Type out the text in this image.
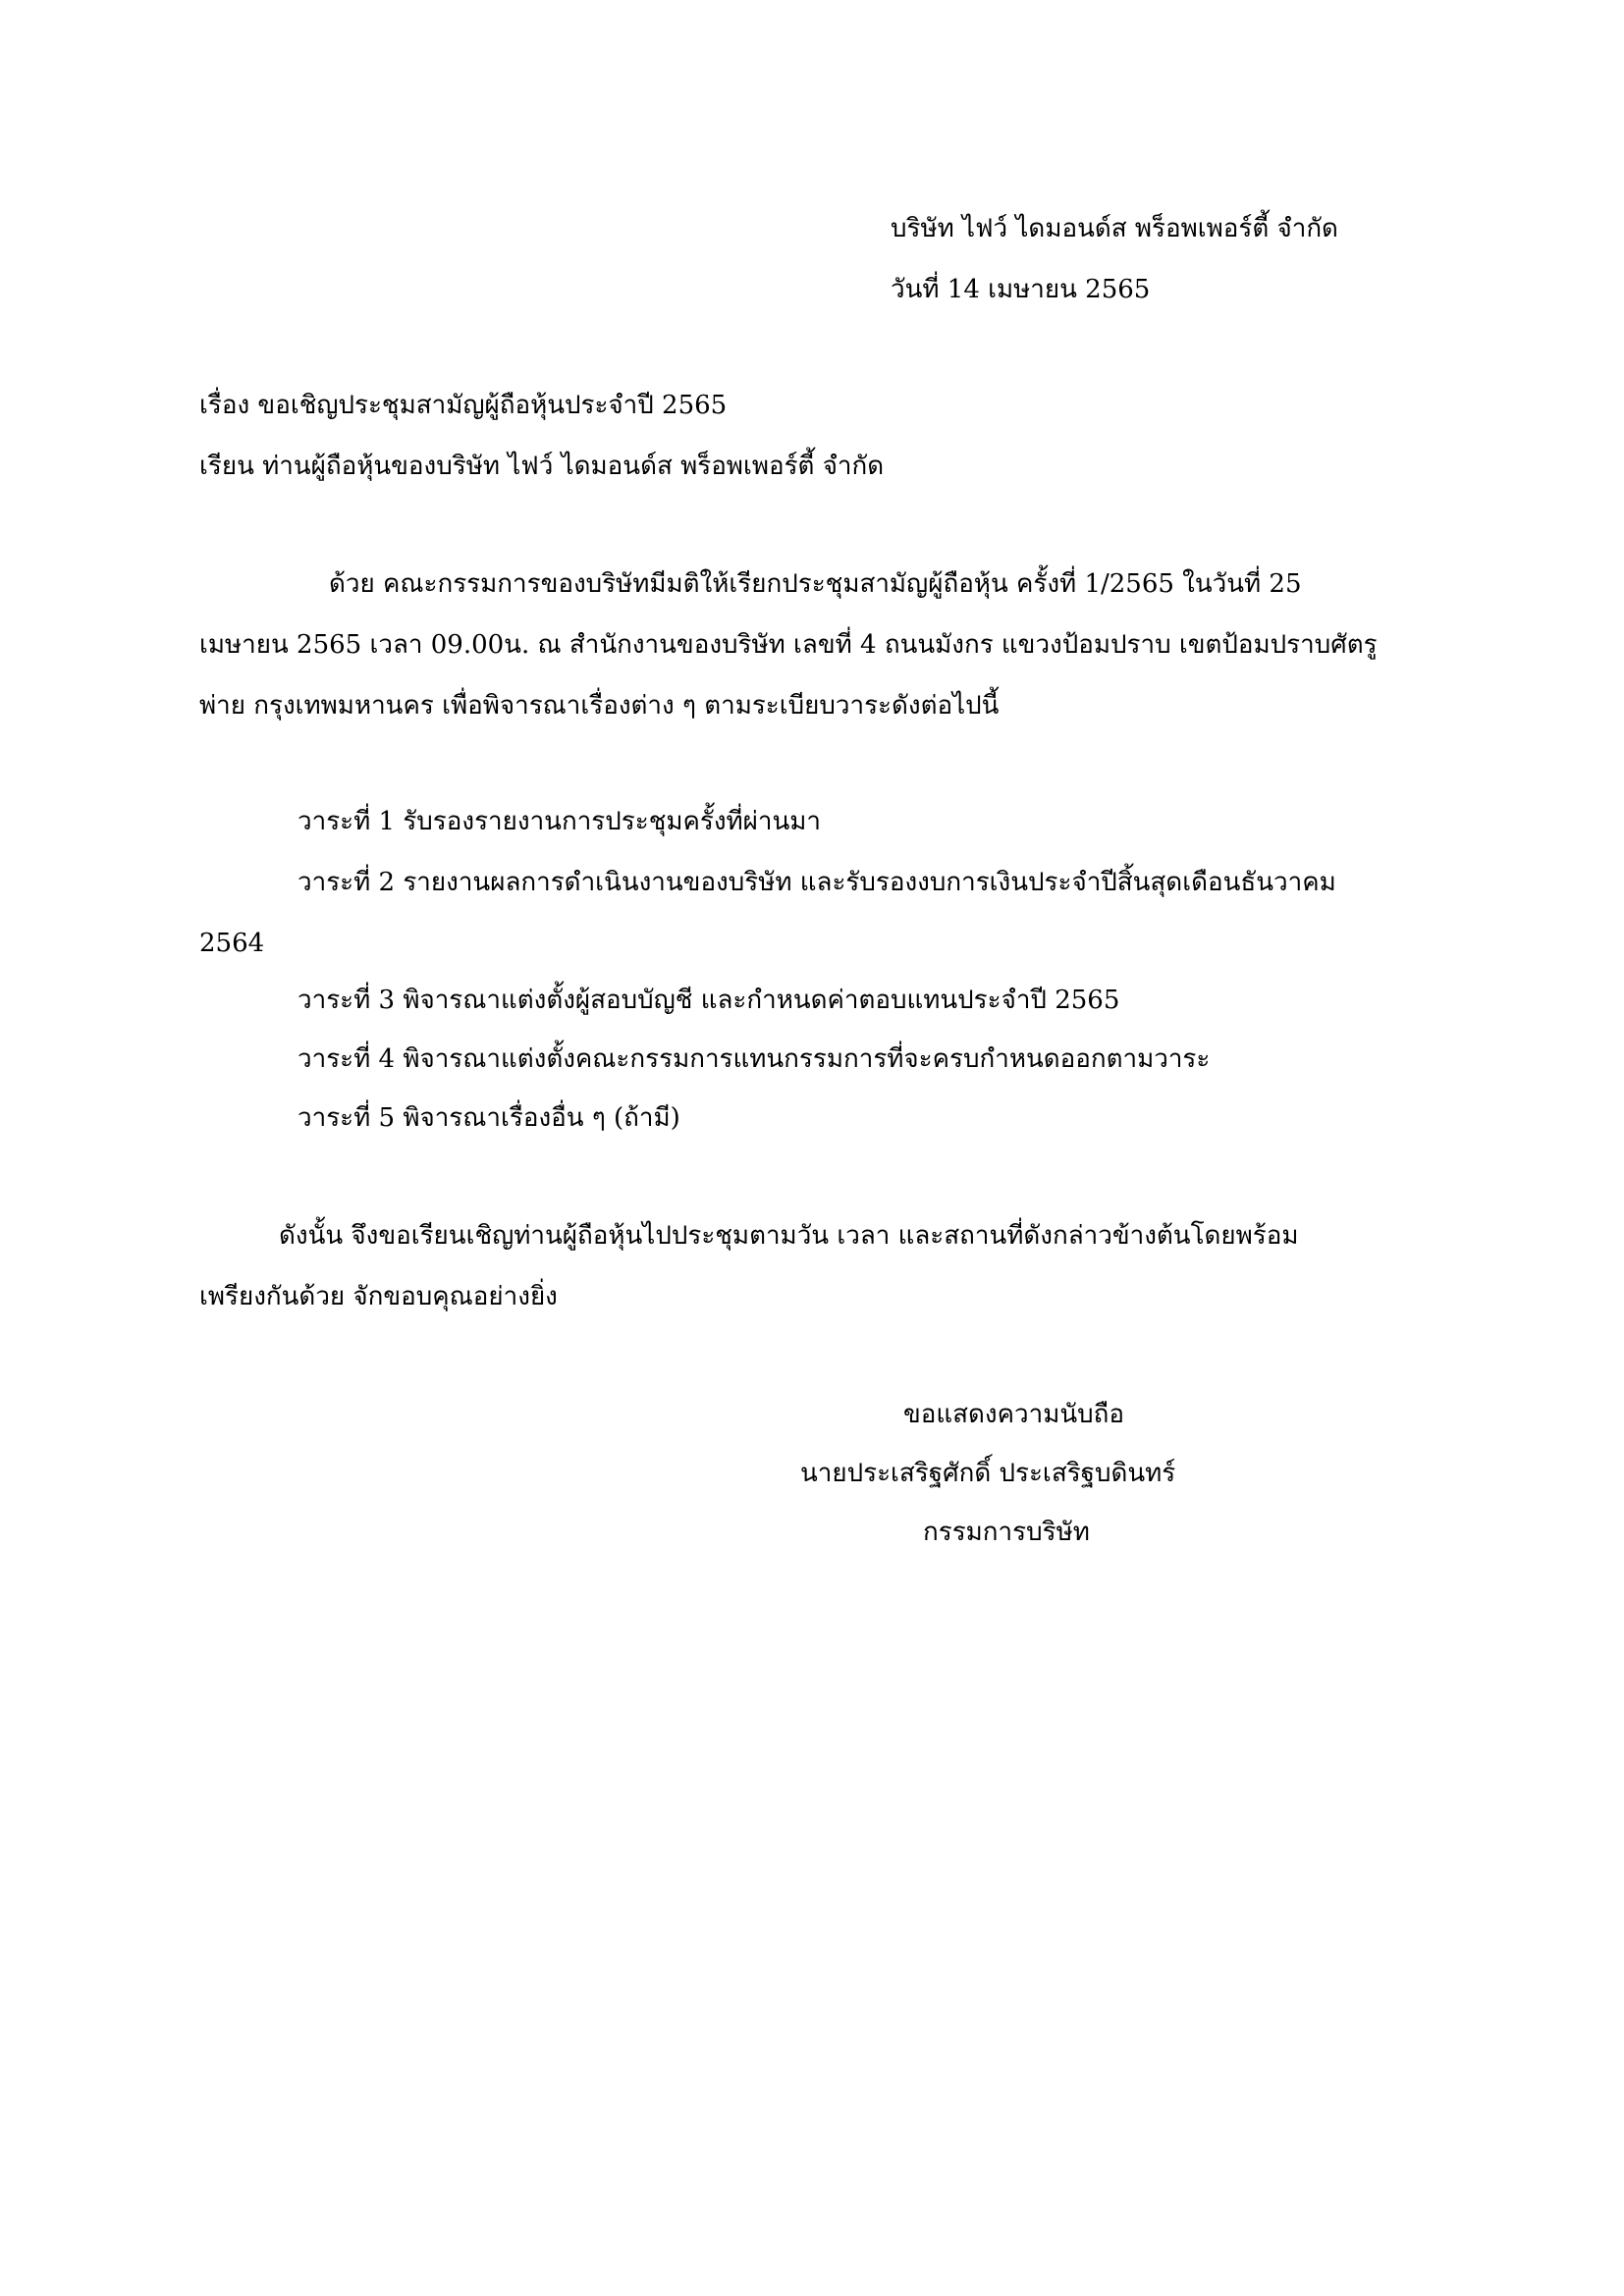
บริษัท ไฟว์ ไดมอนด์ส พร็อพเพอร์ตี้ จำกัด
วันที่ 14 เมษายน 2565
เรื่อง ขอเชิญประชุมสามัญผู้ถือหุ้นประจำปี 2565
เรียน ท่านผู้ถือหุ้นของบริษัท ไฟว์ ไดมอนด์ส พร็อพเพอร์ตี้ จำกัด
ด้วย คณะกรรมการของบริษัทมีมติให้เรียกประชุมสามัญผู้ถือหุ้น ครั้งที่ 1/2565 ในวันที่ 25
เมษายน 2565 เวลา 09.00น. ณ สำนักงานของบริษัท เลขที่ 4 ถนนมังกร แขวงป้อมปราบ เขตป้อมปราบศัตรู
พ่าย กรุงเทพมหานคร เพื่อพิจารณาเรื่องต่าง ๆ ตามระเบียบวาระดังต่อไปนี้
วาระที่ 1 รับรองรายงานการประชุมครั้งที่ผ่านมา
วาระที่ 2 รายงานผลการดำเนินงานของบริษัท และรับรองงบการเงินประจำปีสิ้นสุดเดือนธันวาคม
2564
วาระที่ 3 พิจารณาแต่งตั้งผู้สอบบัญชี และกำหนดค่าตอบแทนประจำปี 2565
วาระที่ 4 พิจารณาแต่งตั้งคณะกรรมการแทนกรรมการที่จะครบกำหนดออกตามวาระ
วาระที่ 5 พิจารณาเรื่องอื่น ๆ (ถ้ามี)
ดังนั้น จึงขอเรียนเชิญท่านผู้ถือหุ้นไปประชุมตามวัน เวลา และสถานที่ดังกล่าวข้างต้นโดยพร้อม
เพรียงกันด้วย จักขอบคุณอย่างยิ่ง
ขอแสดงความนับถือ
นายประเสริฐศักดิ์ ประเสริฐบดินทร์
กรรมการบริษัท
